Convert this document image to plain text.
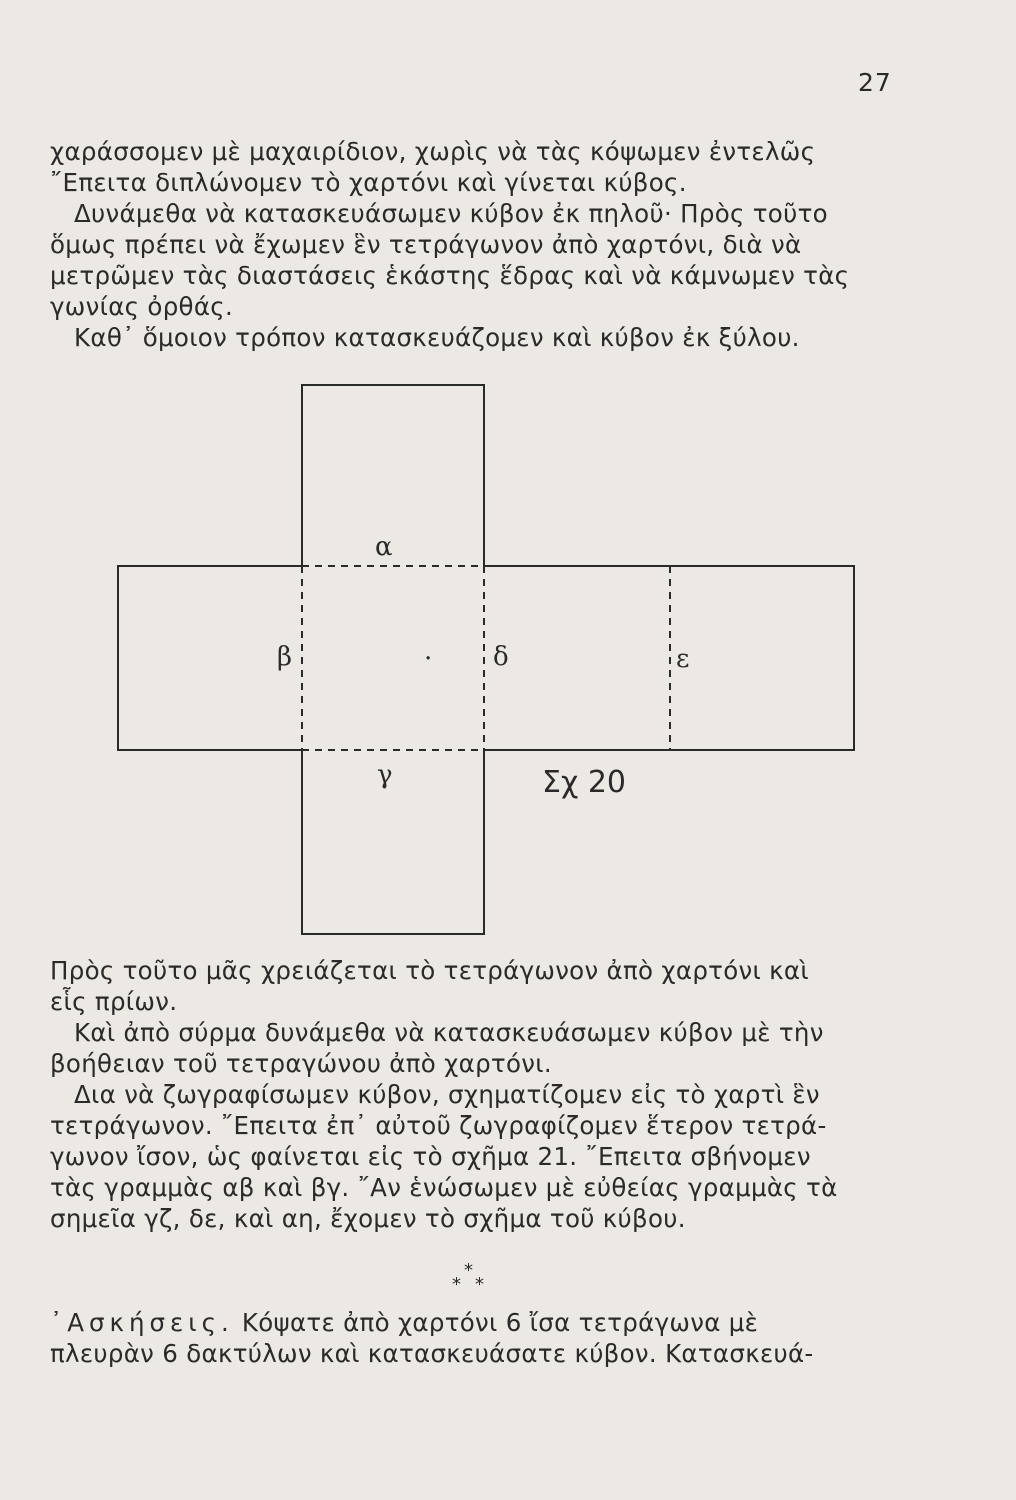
27
χαράσσομεν μὲ μαχαιρίδιον, χωρὶς νὰ τὰς κόψωμεν ἐντελῶς
῎Επειτα διπλώνομεν τὸ χαρτόνι καὶ γίνεται κύβος.
Δυνάμεθα νὰ κατασκευάσωμεν κύβον ἐκ πηλοῦ· Πρὸς τοῦτο
ὅμως πρέπει νὰ ἔχωμεν ἓν τετράγωνον ἀπὸ χαρτόνι, διὰ νὰ
μετρῶμεν τὰς διαστάσεις ἑκάστης ἕδρας καὶ νὰ κάμνωμεν τὰς
γωνίας ὀρθάς.
Καθ᾿ ὅμοιον τρόπον κατασκευάζομεν καὶ κύβον ἐκ ξύλου.
α
β	. δ	ε
γ	Σχ 20
Πρὸς τοῦτο μᾶς χρειάζεται τὸ τετράγωνον ἀπὸ χαρτόνι καὶ
εἷς πρίων.
Καὶ ἀπὸ σύρμα δυνάμεθα νὰ κατασκευάσωμεν κύβον μὲ τὴν
βοήθειαν τοῦ τετραγώνου ἀπὸ χαρτόνι.
Δια νὰ ζωγραφίσωμεν κύβον, σχηματίζομεν εἰς τὸ χαρτὶ ἓν
τετράγωνον. ῎Επειτα ἐπ᾿ αὐτοῦ ζωγραφίζομεν ἕτερον τετρά-
γωνον ἴσον, ὡς φαίνεται εἰς τὸ σχῆμα 21. ῎Επειτα σβήνομεν
τὰς γραμμὰς αβ καὶ βγ. ῎Αν ἑνώσωμεν μὲ εὐθείας γραμμὰς τὰ
σημεῖα γζ, δε, καὶ αη, ἔχομεν τὸ σχῆμα τοῦ κύβου.
*
* *
᾿Ασκήσεις. Κόψατε ἀπὸ χαρτόνι 6 ἴσα τετράγωνα μὲ
πλευρὰν 6 δακτύλων καὶ κατασκευάσατε κύβον. Κατασκευά-
